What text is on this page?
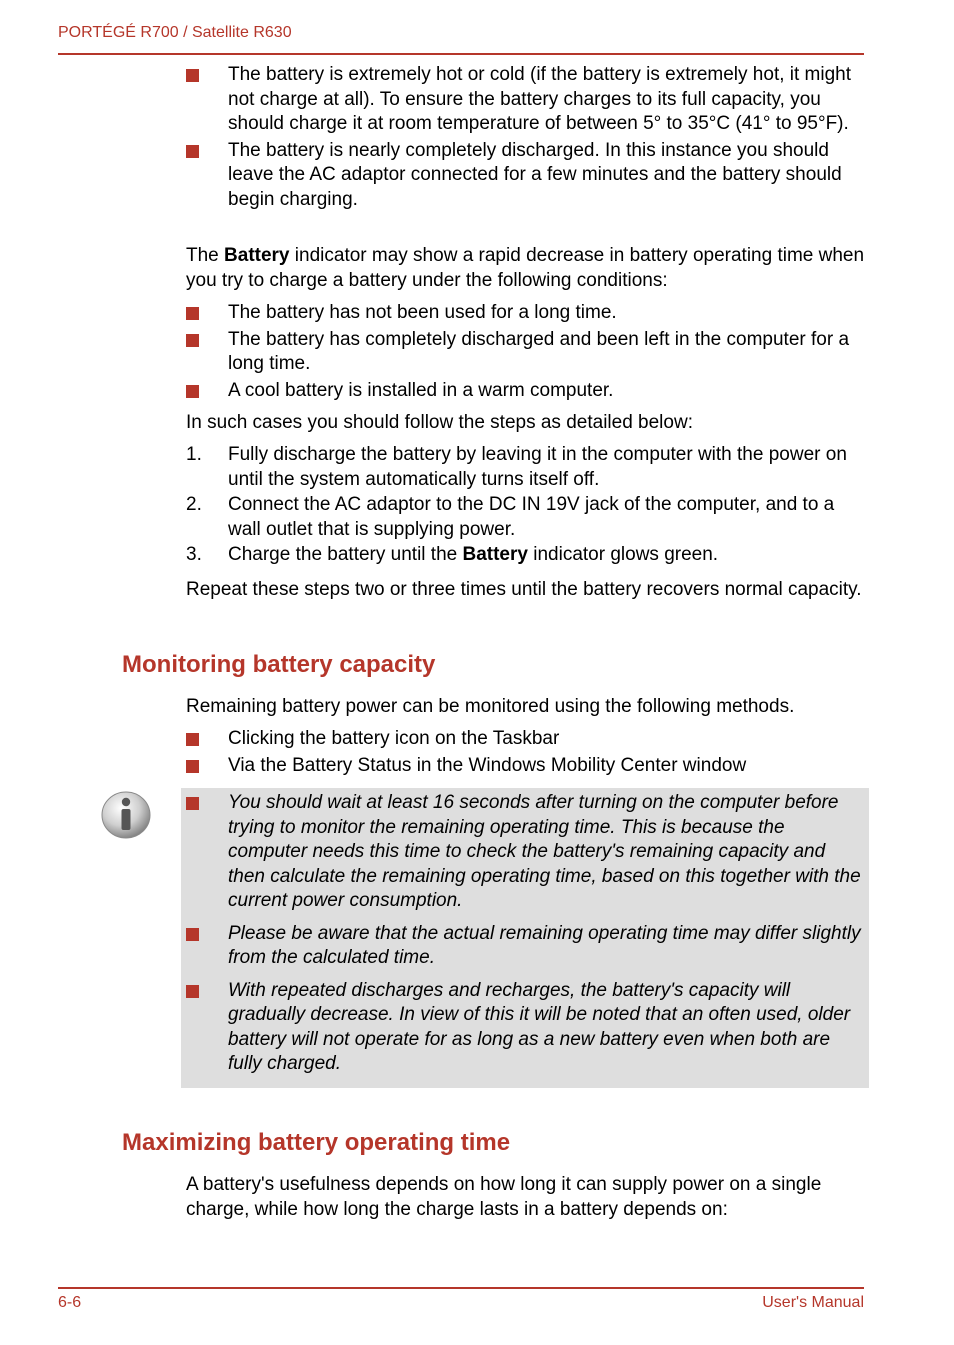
PORTÉGÉ R700 / Satellite R630
The battery is extremely hot or cold (if the battery is extremely hot, it might not charge at all). To ensure the battery charges to its full capacity, you should charge it at room temperature of between 5° to 35°C (41° to 95°F).
The battery is nearly completely discharged. In this instance you should leave the AC adaptor connected for a few minutes and the battery should begin charging.

The Battery indicator may show a rapid decrease in battery operating time when you try to charge a battery under the following conditions:

The battery has not been used for a long time.
The battery has completely discharged and been left in the computer for a long time.
A cool battery is installed in a warm computer.

In such cases you should follow the steps as detailed below:

1. Fully discharge the battery by leaving it in the computer with the power on until the system automatically turns itself off.
2. Connect the AC adaptor to the DC IN 19V jack of the computer, and to a wall outlet that is supplying power.
3. Charge the battery until the Battery indicator glows green.

Repeat these steps two or three times until the battery recovers normal capacity.

Monitoring battery capacity

Remaining battery power can be monitored using the following methods.

Clicking the battery icon on the Taskbar
Via the Battery Status in the Windows Mobility Center window
You should wait at least 16 seconds after turning on the computer before trying to monitor the remaining operating time. This is because the computer needs this time to check the battery's remaining capacity and then calculate the remaining operating time, based on this together with the current power consumption.
Please be aware that the actual remaining operating time may differ slightly from the calculated time.
With repeated discharges and recharges, the battery's capacity will gradually decrease. In view of this it will be noted that an often used, older battery will not operate for as long as a new battery even when both are fully charged.
Maximizing battery operating time

A battery's usefulness depends on how long it can supply power on a single charge, while how long the charge lasts in a battery depends on:

6-6	User's Manual
